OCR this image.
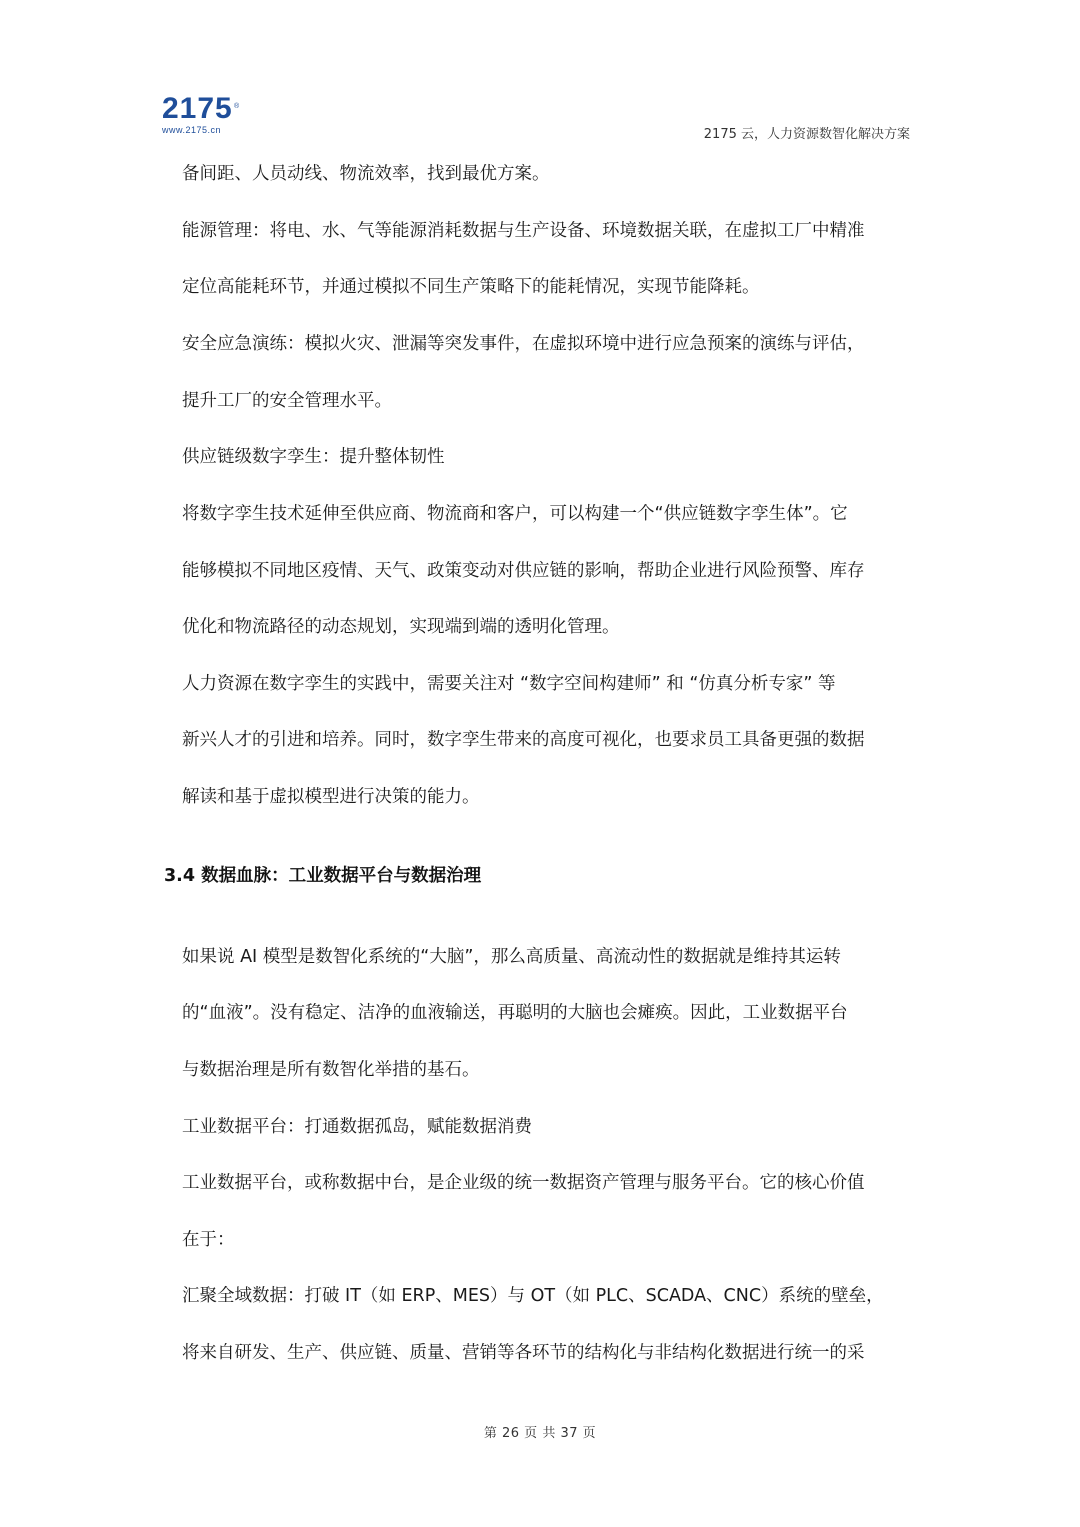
2175 ®
www.2175.cn	2175 云，人力资源数智化解决方案
备间距、人员动线、物流效率，找到最优方案。
能源管理：将电、水、气等能源消耗数据与生产设备、环境数据关联，在虚拟工厂中精准
定位高能耗环节，并通过模拟不同生产策略下的能耗情况，实现节能降耗。
安全应急演练：模拟火灾、泄漏等突发事件，在虚拟环境中进行应急预案的演练与评估，
提升工厂的安全管理水平。
供应链级数字孪生：提升整体韧性
将数字孪生技术延伸至供应商、物流商和客户，可以构建一个“供应链数字孪生体”。它
能够模拟不同地区疫情、天气、政策变动对供应链的影响，帮助企业进行风险预警、库存
优化和物流路径的动态规划，实现端到端的透明化管理。
人力资源在数字孪生的实践中，需要关注对 “数字空间构建师” 和 “仿真分析专家” 等
新兴人才的引进和培养。同时，数字孪生带来的高度可视化，也要求员工具备更强的数据
解读和基于虚拟模型进行决策的能力。
3.4 数据血脉：工业数据平台与数据治理
如果说 AI 模型是数智化系统的“大脑”，那么高质量、高流动性的数据就是维持其运转
的“血液”。没有稳定、洁净的血液输送，再聪明的大脑也会瘫痪。因此，工业数据平台
与数据治理是所有数智化举措的基石。
工业数据平台：打通数据孤岛，赋能数据消费
工业数据平台，或称数据中台，是企业级的统一数据资产管理与服务平台。它的核心价值
在于：
汇聚全域数据：打破 IT（如 ERP、MES）与 OT（如 PLC、SCADA、CNC）系统的壁垒，
将来自研发、生产、供应链、质量、营销等各环节的结构化与非结构化数据进行统一的采
第 26 页 共 37 页
